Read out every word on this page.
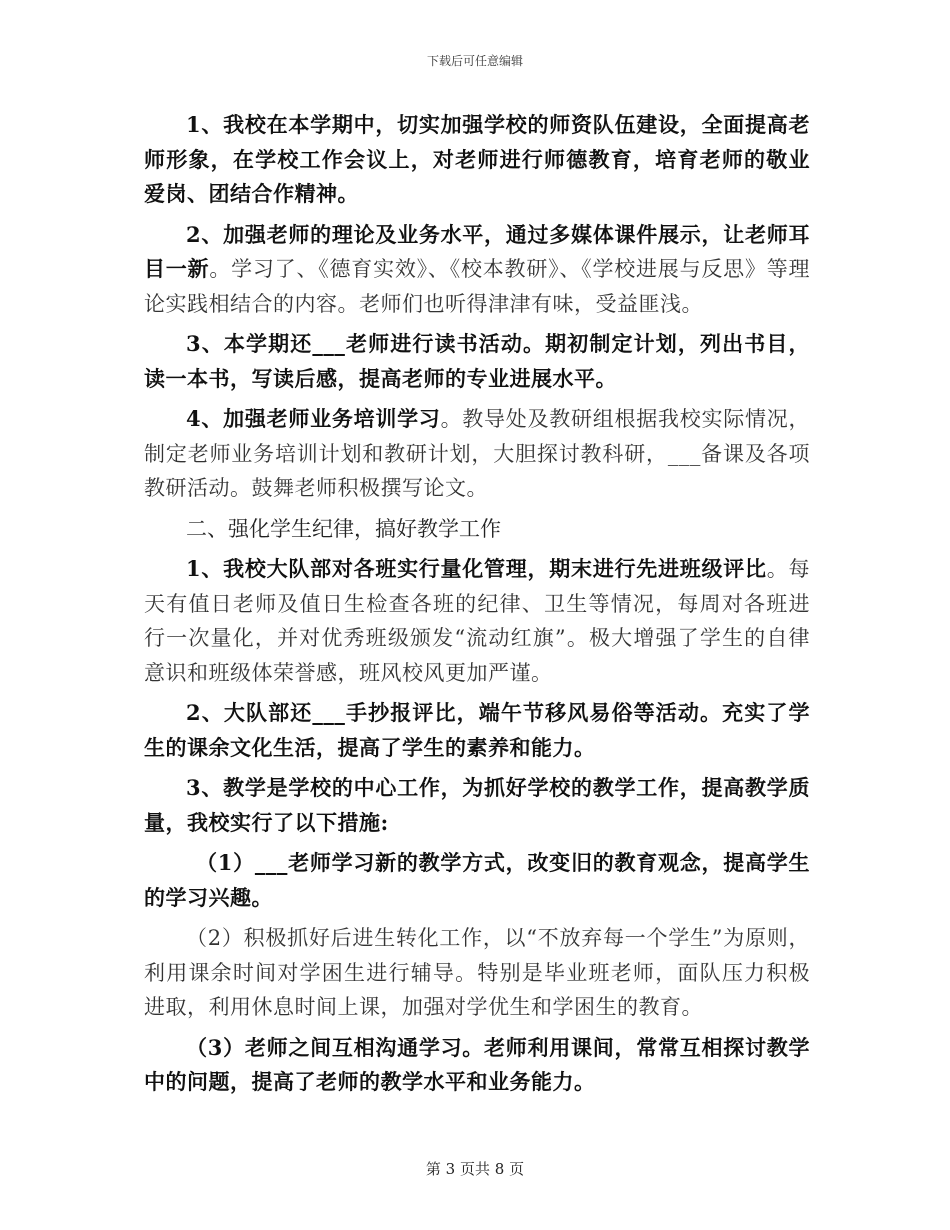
下载后可任意编辑

1、我校在本学期中，切实加强学校的师资队伍建设，全面提高老师形象，在学校工作会议上，对老师进行师德教育，培育老师的敬业爱岗、团结合作精神。

2、加强老师的理论及业务水平，通过多媒体课件展示，让老师耳目一新。学习了、《德育实效》、《校本教研》、《学校进展与反思》等理论实践相结合的内容。老师们也听得津津有味，受益匪浅。

3、本学期还___老师进行读书活动。期初制定计划，列出书目，读一本书，写读后感，提高老师的专业进展水平。

4、加强老师业务培训学习。教导处及教研组根据我校实际情况，制定老师业务培训计划和教研计划，大胆探讨教科研，___备课及各项教研活动。鼓舞老师积极撰写论文。

二、强化学生纪律，搞好教学工作

1、我校大队部对各班实行量化管理，期末进行先进班级评比。每天有值日老师及值日生检查各班的纪律、卫生等情况，每周对各班进行一次量化，并对优秀班级颁发“流动红旗”。极大增强了学生的自律意识和班级体荣誉感，班风校风更加严谨。

2、大队部还___手抄报评比，端午节移风易俗等活动。充实了学生的课余文化生活，提高了学生的素养和能力。

3、教学是学校的中心工作，为抓好学校的教学工作，提高教学质量，我校实行了以下措施:

（1）___老师学习新的教学方式，改变旧的教育观念，提高学生的学习兴趣。

（2）积极抓好后进生转化工作，以“不放弃每一个学生”为原则，利用课余时间对学困生进行辅导。特别是毕业班老师，面队压力积极进取，利用休息时间上课，加强对学优生和学困生的教育。

（3）老师之间互相沟通学习。老师利用课间，常常互相探讨教学中的问题，提高了老师的教学水平和业务能力。

第 3 页共 8 页
